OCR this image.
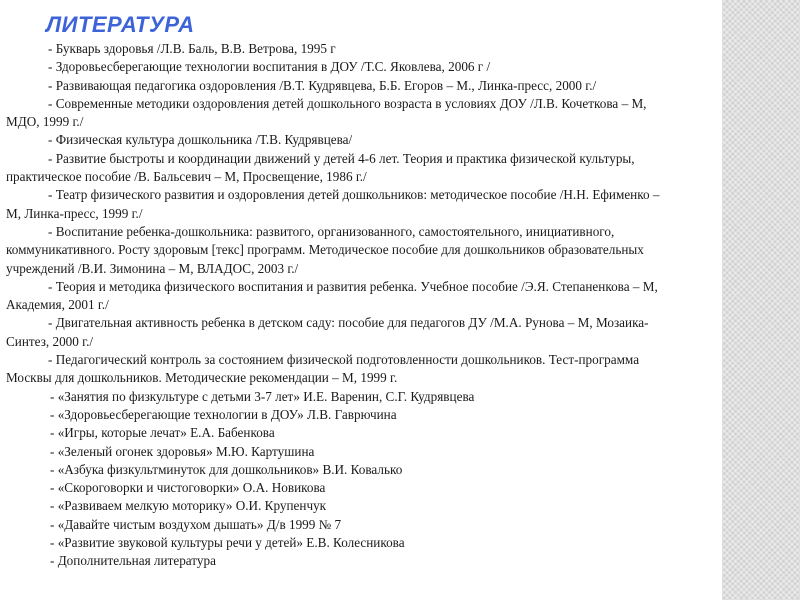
ЛИТЕРАТУРА

- Букварь здоровья /Л.В. Баль, В.В. Ветрова, 1995 г

- Здоровьесберегающие технологии воспитания в ДОУ /Т.С. Яковлева, 2006 г /

- Развивающая педагогика оздоровления /В.Т. Кудрявцева, Б.Б. Егоров – М., Линка-пресс, 2000 г./

- Современные методики оздоровления детей дошкольного возраста в условиях ДОУ /Л.В. Кочеткова – М, МДО, 1999 г./

- Физическая культура дошкольника /Т.В. Кудрявцева/

- Развитие быстроты и координации движений у детей 4-6 лет. Теория и практика физической культуры, практическое пособие /В. Бальсевич – М, Просвещение, 1986 г./

- Театр физического развития и оздоровления детей дошкольников: методическое пособие /Н.Н. Ефименко – М, Линка-пресс, 1999 г./

- Воспитание ребенка-дошкольника: развитого, организованного, самостоятельного, инициативного, коммуникативного. Росту здоровым [текс] программ. Методическое пособие для дошкольников образовательных учреждений /В.И. Зимонина – М, ВЛАДОС, 2003 г./

- Теория и методика физического воспитания и развития ребенка. Учебное пособие /Э.Я. Степаненкова – М, Академия, 2001 г./

- Двигательная активность ребенка в детском саду: пособие для педагогов ДУ /М.А. Рунова – М, Мозаика-Синтез, 2000 г./

- Педагогический контроль за состоянием физической подготовленности дошкольников. Тест-программа Москвы для дошкольников. Методические рекомендации – М, 1999 г.

- «Занятия по физкультуре с детьми 3-7 лет» И.Е. Варенин, С.Г. Кудрявцева
- «Здоровьесберегающие технологии в ДОУ» Л.В. Гаврючина
- «Игры, которые лечат» Е.А. Бабенкова
- «Зеленый огонек здоровья» М.Ю. Картушина
- «Азбука физкультминуток для дошкольников» В.И. Ковалько
- «Скороговорки и чистоговорки» О.А. Новикова
- «Развиваем мелкую моторику» О.И. Крупенчук
- «Давайте чистым воздухом дышать» Д/в 1999 № 7
- «Развитие звуковой культуры речи у детей» Е.В. Колесникова
- Дополнительная литература
